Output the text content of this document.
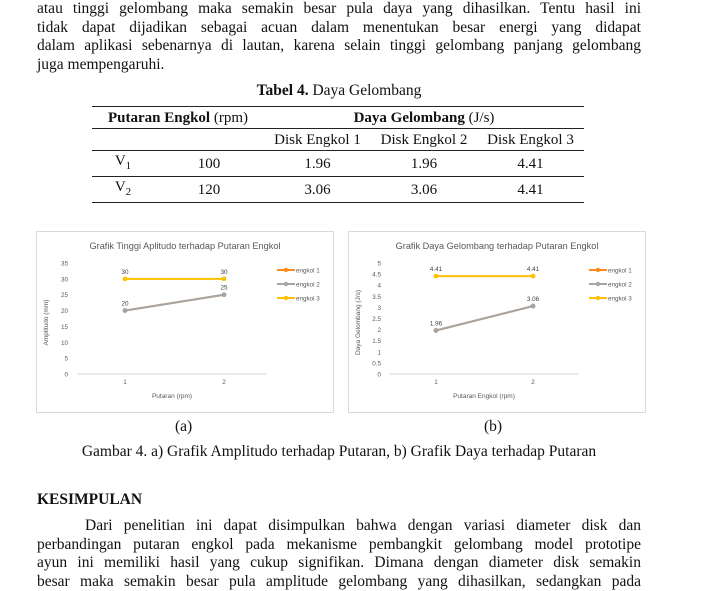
atau tinggi gelombang maka semakin besar pula daya yang dihasilkan. Tentu hasil ini
tidak dapat dijadikan sebagai acuan dalam menentukan besar energi yang didapat
dalam aplikasi sebenarnya di lautan, karena selain tinggi gelombang panjang gelombang
juga mempengaruhi.
Tabel 4. Daya Gelombang
Putaran Engkol (rpm)		Daya Gelombang (J/s)		
		Disk Engkol 1	Disk Engkol 2	Disk Engkol 3
$V_1$	100	1.96	1.96	4.41
$V_2$	120	3.06	3.06	4.41
Grafik Tinggi Aplitudo terhadap Putaran Engkol
0
5
10
15
20
25
30
35
1	2
Putaran (rpm)
Amplitudo (mm)
30	30
20
25
engkol 1
engkol 2
engkol 3
Grafik Daya Gelombang terhadap Putaran Engkol
0
0.5
1
1.5
2
2.5
3
3.5
4
4.5
5
1	2
Putaran Engkol (rpm)
Daya Gelombang (J/s)
4.41	4.41
1.96
3.06
engkol 1
engkol 2
engkol 3
(a)	(b)
Gambar 4. a) Grafik Amplitudo terhadap Putaran, b) Grafik Daya terhadap Putaran
KESIMPULAN
Dari penelitian ini dapat disimpulkan bahwa dengan variasi diameter disk dan
perbandingan putaran engkol pada mekanisme pembangkit gelombang model prototipe
ayun ini memiliki hasil yang cukup signifikan. Dimana dengan diameter disk semakin
besar maka semakin besar pula amplitude gelombang yang dihasilkan, sedangkan pada
